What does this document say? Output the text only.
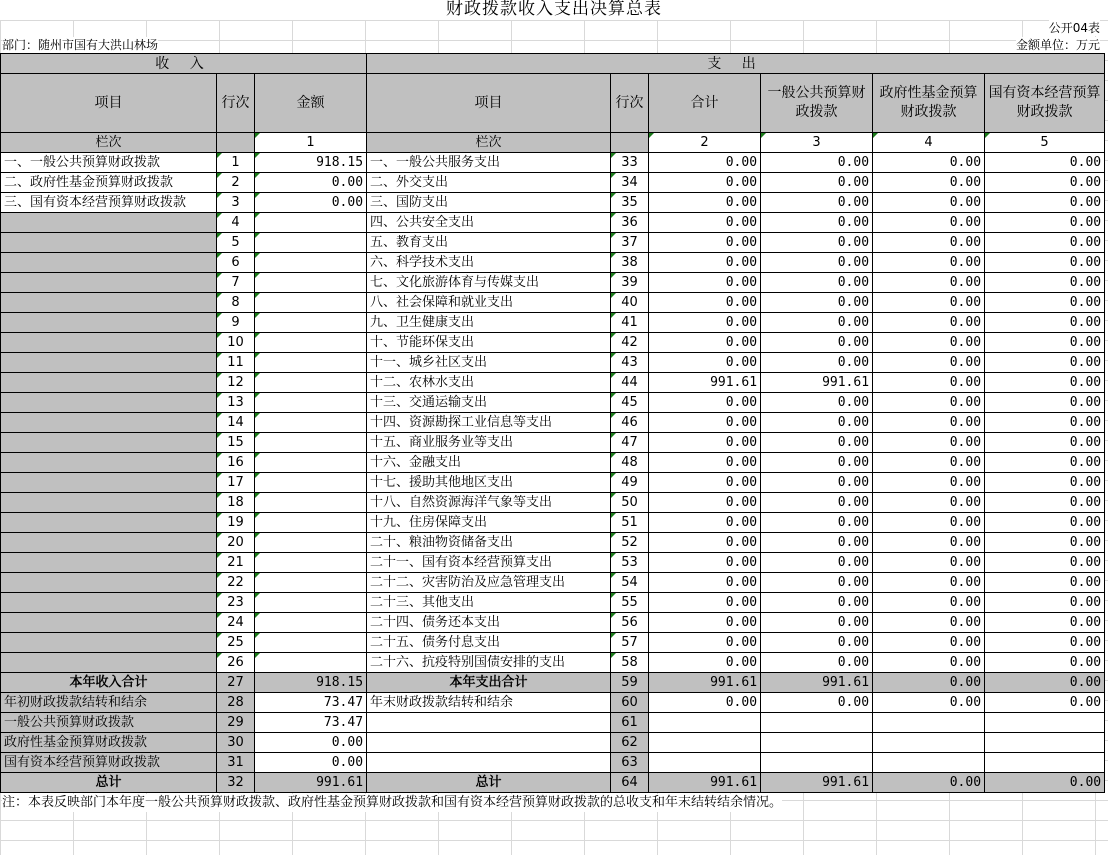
财政拨款收入支出决算总表
公开04表
部门：随州市国有大洪山林场	金额单位：万元
收 入			支 出					
项目	行次	金额	项目	行次	合计	一般公共预算财政拨款	政府性基金预算财政拨款	国有资本经营预算财政拨款
栏次		1	栏次		2	3	4	5
一、一般公共预算财政拨款	1	918.15	一、一般公共服务支出	33	0.00	0.00	0.00	0.00
二、政府性基金预算财政拨款	2	0.00	二、外交支出	34	0.00	0.00	0.00	0.00
三、国有资本经营预算财政拨款	3	0.00	三、国防支出	35	0.00	0.00	0.00	0.00
	4		四、公共安全支出	36	0.00	0.00	0.00	0.00
	5		五、教育支出	37	0.00	0.00	0.00	0.00
	6		六、科学技术支出	38	0.00	0.00	0.00	0.00
	7		七、文化旅游体育与传媒支出	39	0.00	0.00	0.00	0.00
	8		八、社会保障和就业支出	40	0.00	0.00	0.00	0.00
	9		九、卫生健康支出	41	0.00	0.00	0.00	0.00
	10		十、节能环保支出	42	0.00	0.00	0.00	0.00
	11		十一、城乡社区支出	43	0.00	0.00	0.00	0.00
	12		十二、农林水支出	44	991.61	991.61	0.00	0.00
	13		十三、交通运输支出	45	0.00	0.00	0.00	0.00
	14		十四、资源勘探工业信息等支出	46	0.00	0.00	0.00	0.00
	15		十五、商业服务业等支出	47	0.00	0.00	0.00	0.00
	16		十六、金融支出	48	0.00	0.00	0.00	0.00
	17		十七、援助其他地区支出	49	0.00	0.00	0.00	0.00
	18		十八、自然资源海洋气象等支出	50	0.00	0.00	0.00	0.00
	19		十九、住房保障支出	51	0.00	0.00	0.00	0.00
	20		二十、粮油物资储备支出	52	0.00	0.00	0.00	0.00
	21		二十一、国有资本经营预算支出	53	0.00	0.00	0.00	0.00
	22		二十二、灾害防治及应急管理支出	54	0.00	0.00	0.00	0.00
	23		二十三、其他支出	55	0.00	0.00	0.00	0.00
	24		二十四、债务还本支出	56	0.00	0.00	0.00	0.00
	25		二十五、债务付息支出	57	0.00	0.00	0.00	0.00
	26		二十六、抗疫特别国债安排的支出	58	0.00	0.00	0.00	0.00
本年收入合计	27	918.15	本年支出合计	59	991.61	991.61	0.00	0.00
年初财政拨款结转和结余	28	73.47	年末财政拨款结转和结余	60	0.00	0.00	0.00	0.00
一般公共预算财政拨款	29	73.47		61				
政府性基金预算财政拨款	30	0.00		62				
国有资本经营预算财政拨款	31	0.00		63				
总计	32	991.61	总计	64	991.61	991.61	0.00	0.00
注：本表反映部门本年度一般公共预算财政拨款、政府性基金预算财政拨款和国有资本经营预算财政拨款的总收支和年末结转结余情况。
